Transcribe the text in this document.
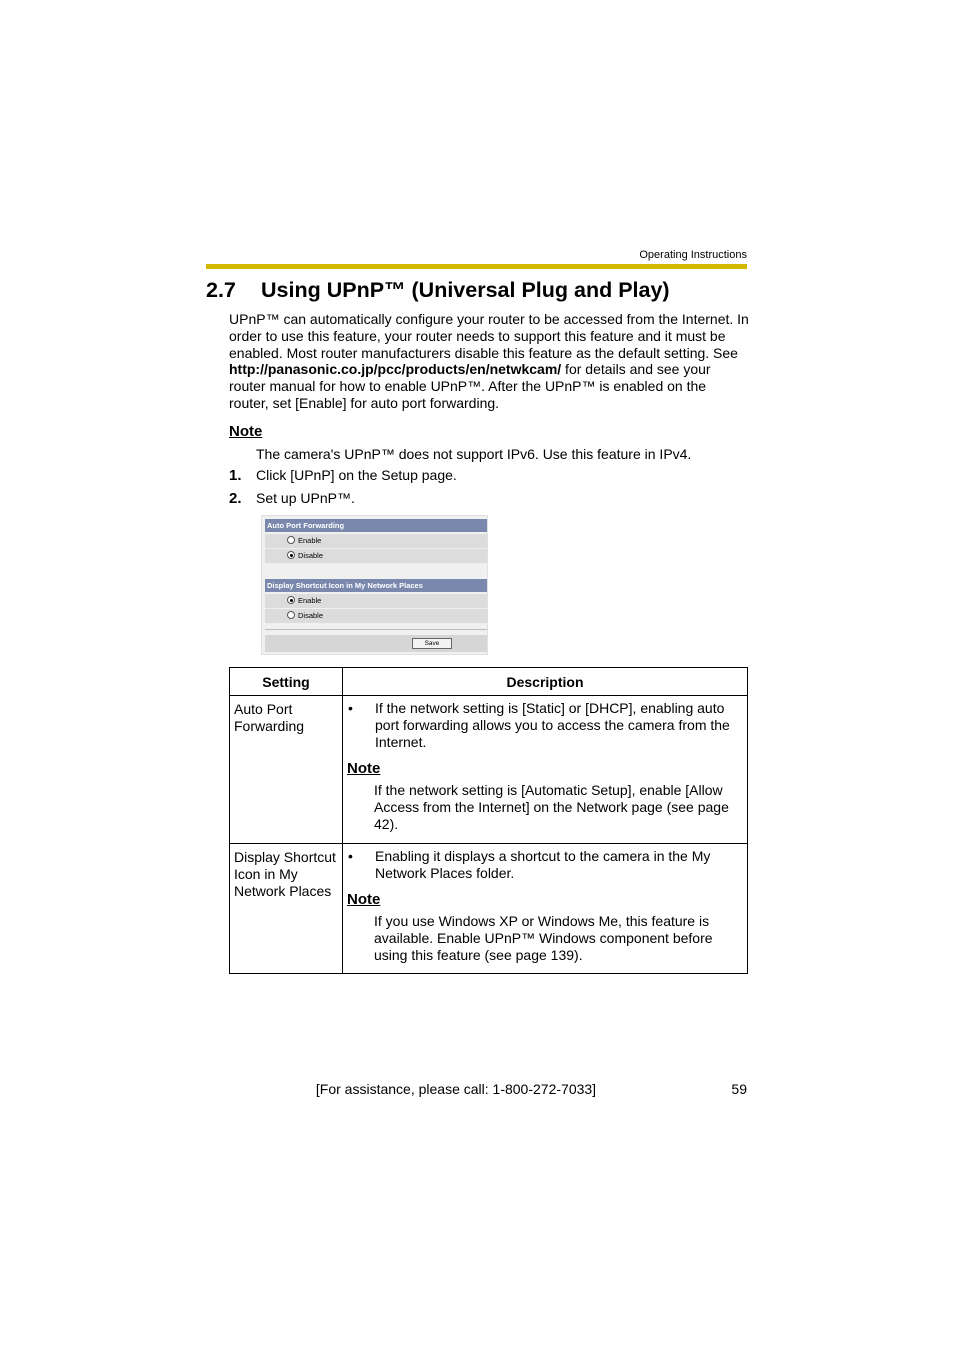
Operating Instructions
2.7 Using UPnP™ (Universal Plug and Play)
UPnP™ can automatically configure your router to be accessed from the Internet. In order to use this feature, your router needs to support this feature and it must be enabled. Most router manufacturers disable this feature as the default setting. See http://panasonic.co.jp/pcc/products/en/netwkcam/ for details and see your router manual for how to enable UPnP™. After the UPnP™ is enabled on the router, set [Enable] for auto port forwarding.
Note
The camera's UPnP™ does not support IPv6. Use this feature in IPv4.
1. Click [UPnP] on the Setup page.
2. Set up UPnP™.
Auto Port Forwarding
Enable
Disable
Display Shortcut Icon in My Network Places
Enable
Disable
Save
Setting	Description
Auto Port Forwarding	• If the network setting is [Static] or [DHCP], enabling auto port forwarding allows you to access the camera from the Internet.
Note
If the network setting is [Automatic Setup], enable [Allow Access from the Internet] on the Network page (see page 42).

Display Shortcut Icon in My Network Places	• Enabling it displays a shortcut to the camera in the My Network Places folder.
Note
If you use Windows XP or Windows Me, this feature is available. Enable UPnP™ Windows component before using this feature (see page 139).
[For assistance, please call: 1-800-272-7033]	59
